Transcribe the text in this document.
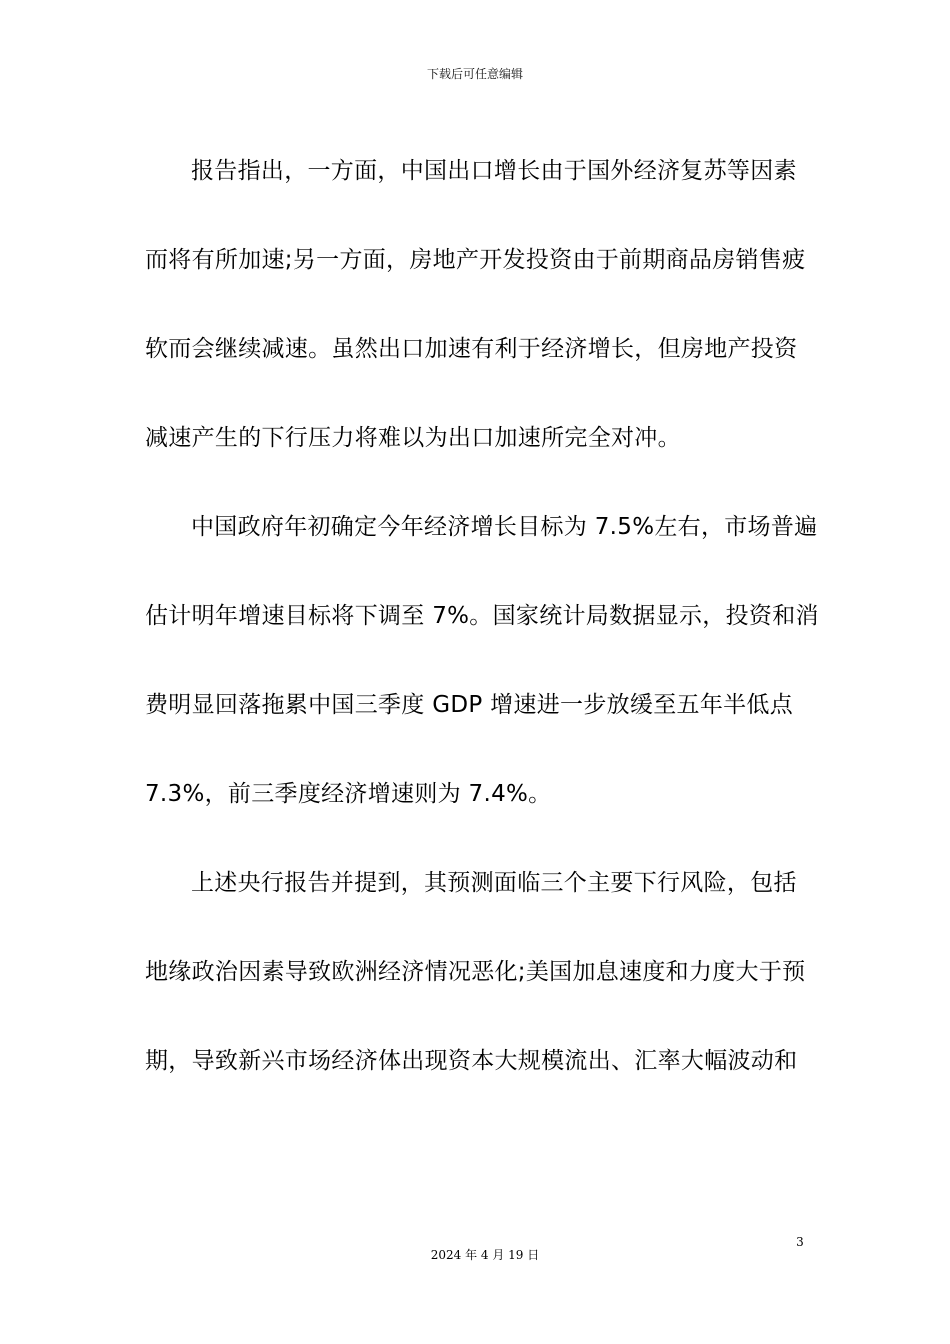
下载后可任意编辑
报告指出，一方面，中国出口增长由于国外经济复苏等因素
而将有所加速;另一方面，房地产开发投资由于前期商品房销售疲
软而会继续减速。虽然出口加速有利于经济增长，但房地产投资
减速产生的下行压力将难以为出口加速所完全对冲。
中国政府年初确定今年经济增长目标为 7.5%左右，市场普遍
估计明年增速目标将下调至 7%。国家统计局数据显示，投资和消
费明显回落拖累中国三季度 GDP 增速进一步放缓至五年半低点
7.3%，前三季度经济增速则为 7.4%。
上述央行报告并提到，其预测面临三个主要下行风险，包括
地缘政治因素导致欧洲经济情况恶化;美国加息速度和力度大于预
期，导致新兴市场经济体出现资本大规模流出、汇率大幅波动和
3
2024 年 4 月 19 日
